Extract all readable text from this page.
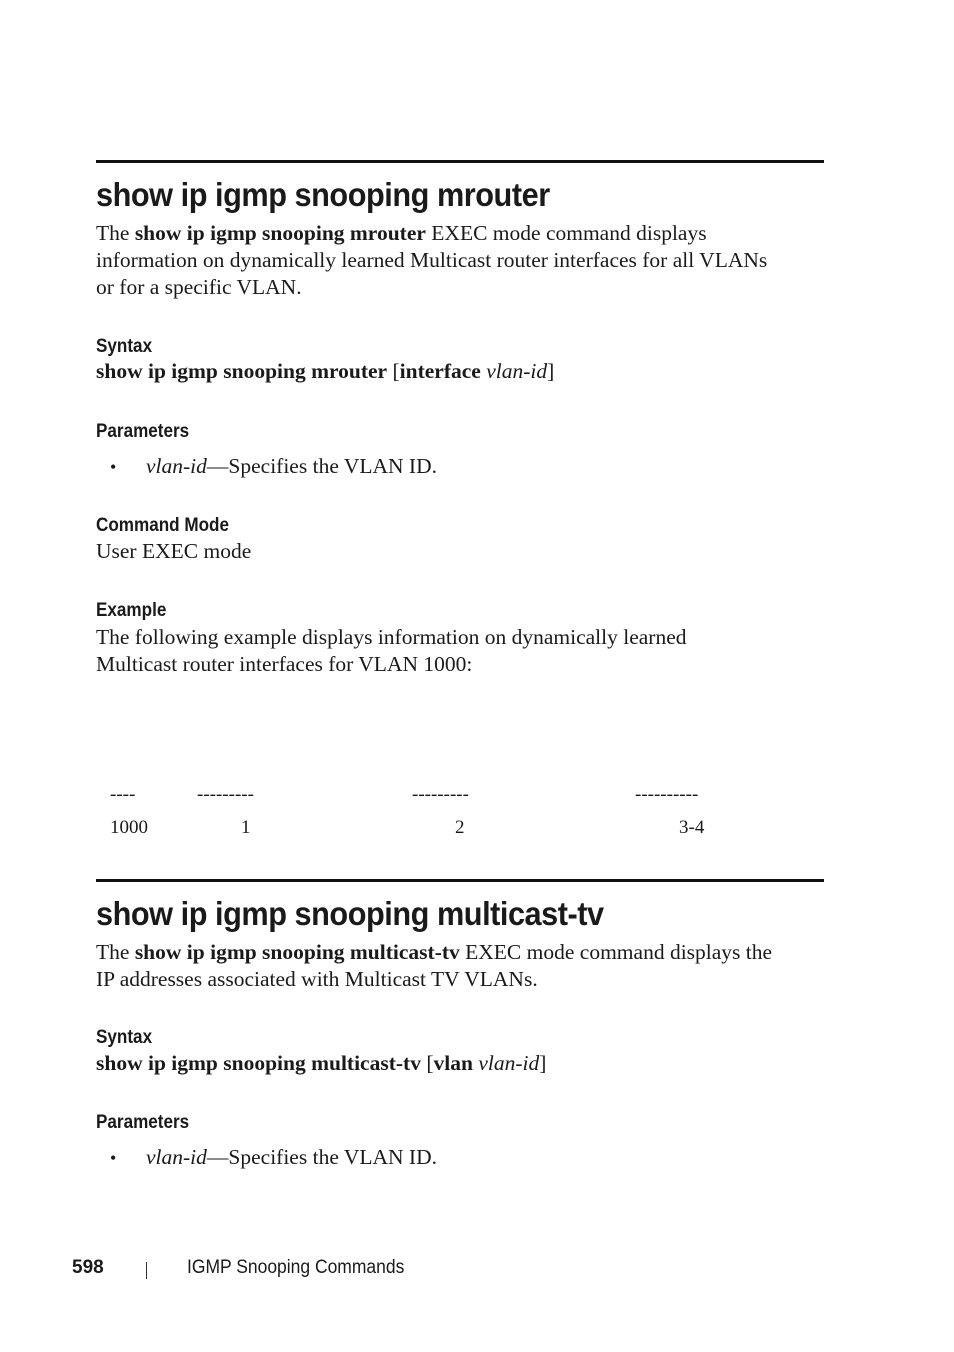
show ip igmp snooping mrouter

The show ip igmp snooping mrouter EXEC mode command displays
information on dynamically learned Multicast router interfaces for all VLANs
or for a specific VLAN.

Syntax
show ip igmp snooping mrouter [interface vlan-id]
Parameters
• vlan-id—Specifies the VLAN ID.
Command Mode
User EXEC mode
Example

The following example displays information on dynamically learned
Multicast router interfaces for VLAN 1000:

----	---------	---------	----------
1000	1	2	3-4
show ip igmp snooping multicast-tv

The show ip igmp snooping multicast-tv EXEC mode command displays the
IP addresses associated with Multicast TV VLANs.

Syntax
show ip igmp snooping multicast-tv [vlan vlan-id]
Parameters
• vlan-id—Specifies the VLAN ID.
598	IGMP Snooping Commands
